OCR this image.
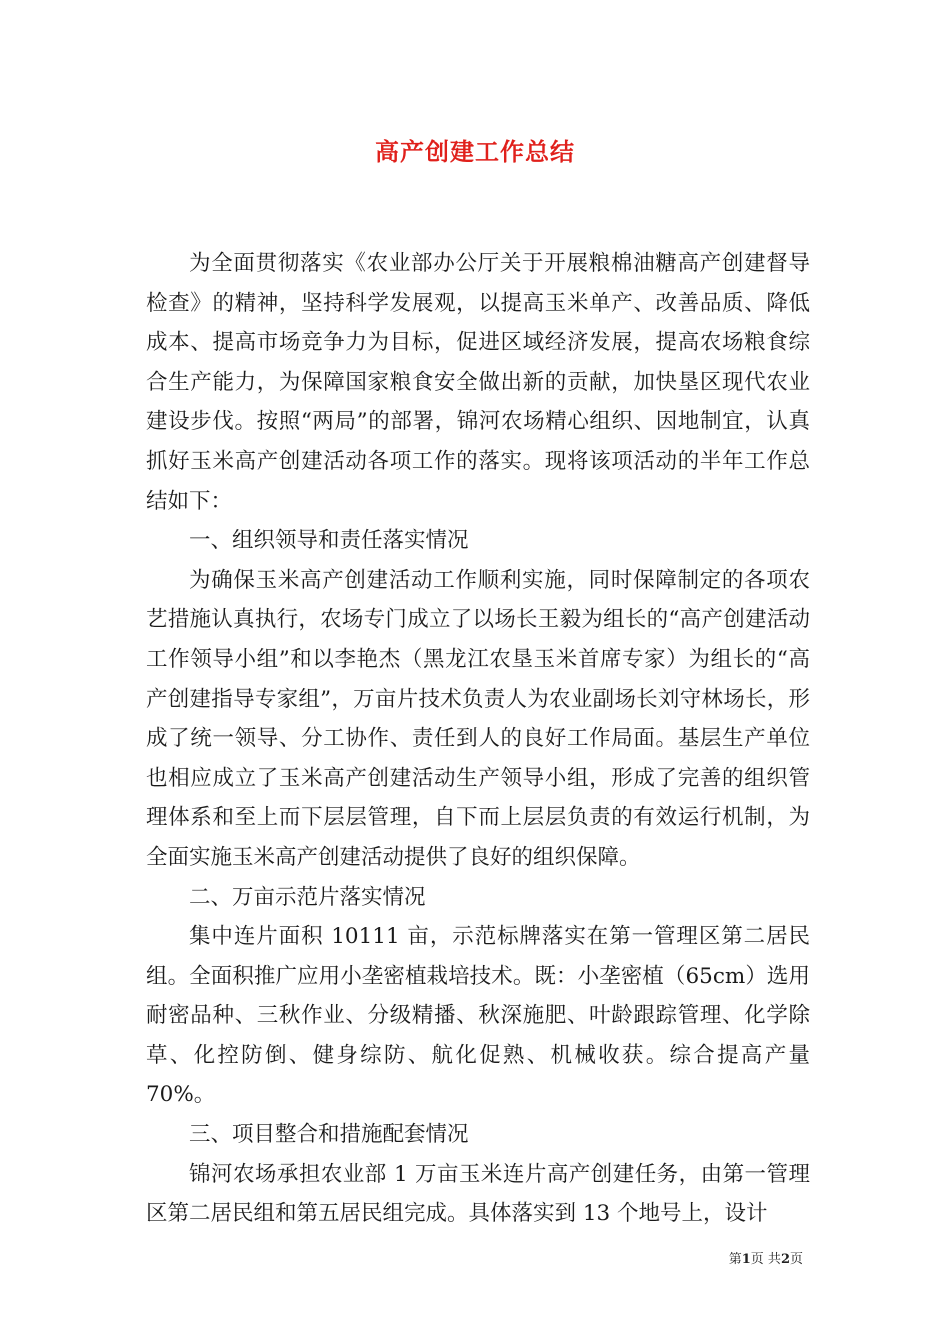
高产创建工作总结

为全面贯彻落实《农业部办公厅关于开展粮棉油糖高产创建督导检查》的精神，坚持科学发展观，以提高玉米单产、改善品质、降低成本、提高市场竞争力为目标，促进区域经济发展，提高农场粮食综合生产能力，为保障国家粮食安全做出新的贡献，加快垦区现代农业建设步伐。按照“两局”的部署，锦河农场精心组织、因地制宜，认真抓好玉米高产创建活动各项工作的落实。现将该项活动的半年工作总结如下：

一、组织领导和责任落实情况

为确保玉米高产创建活动工作顺利实施，同时保障制定的各项农艺措施认真执行，农场专门成立了以场长王毅为组长的“高产创建活动工作领导小组”和以李艳杰（黑龙江农垦玉米首席专家）为组长的“高产创建指导专家组”，万亩片技术负责人为农业副场长刘守林场长，形成了统一领导、分工协作、责任到人的良好工作局面。基层生产单位也相应成立了玉米高产创建活动生产领导小组，形成了完善的组织管理体系和至上而下层层管理，自下而上层层负责的有效运行机制，为全面实施玉米高产创建活动提供了良好的组织保障。

二、万亩示范片落实情况

集中连片面积 10111 亩，示范标牌落实在第一管理区第二居民组。全面积推广应用小垄密植栽培技术。既：小垄密植（65cm）选用耐密品种、三秋作业、分级精播、秋深施肥、叶龄跟踪管理、化学除草、化控防倒、健身综防、航化促熟、机械收获。综合提高产量 70%。

三、项目整合和措施配套情况

锦河农场承担农业部 1 万亩玉米连片高产创建任务，由第一管理区第二居民组和第五居民组完成。具体落实到 13 个地号上，设计

第1页 共2页
